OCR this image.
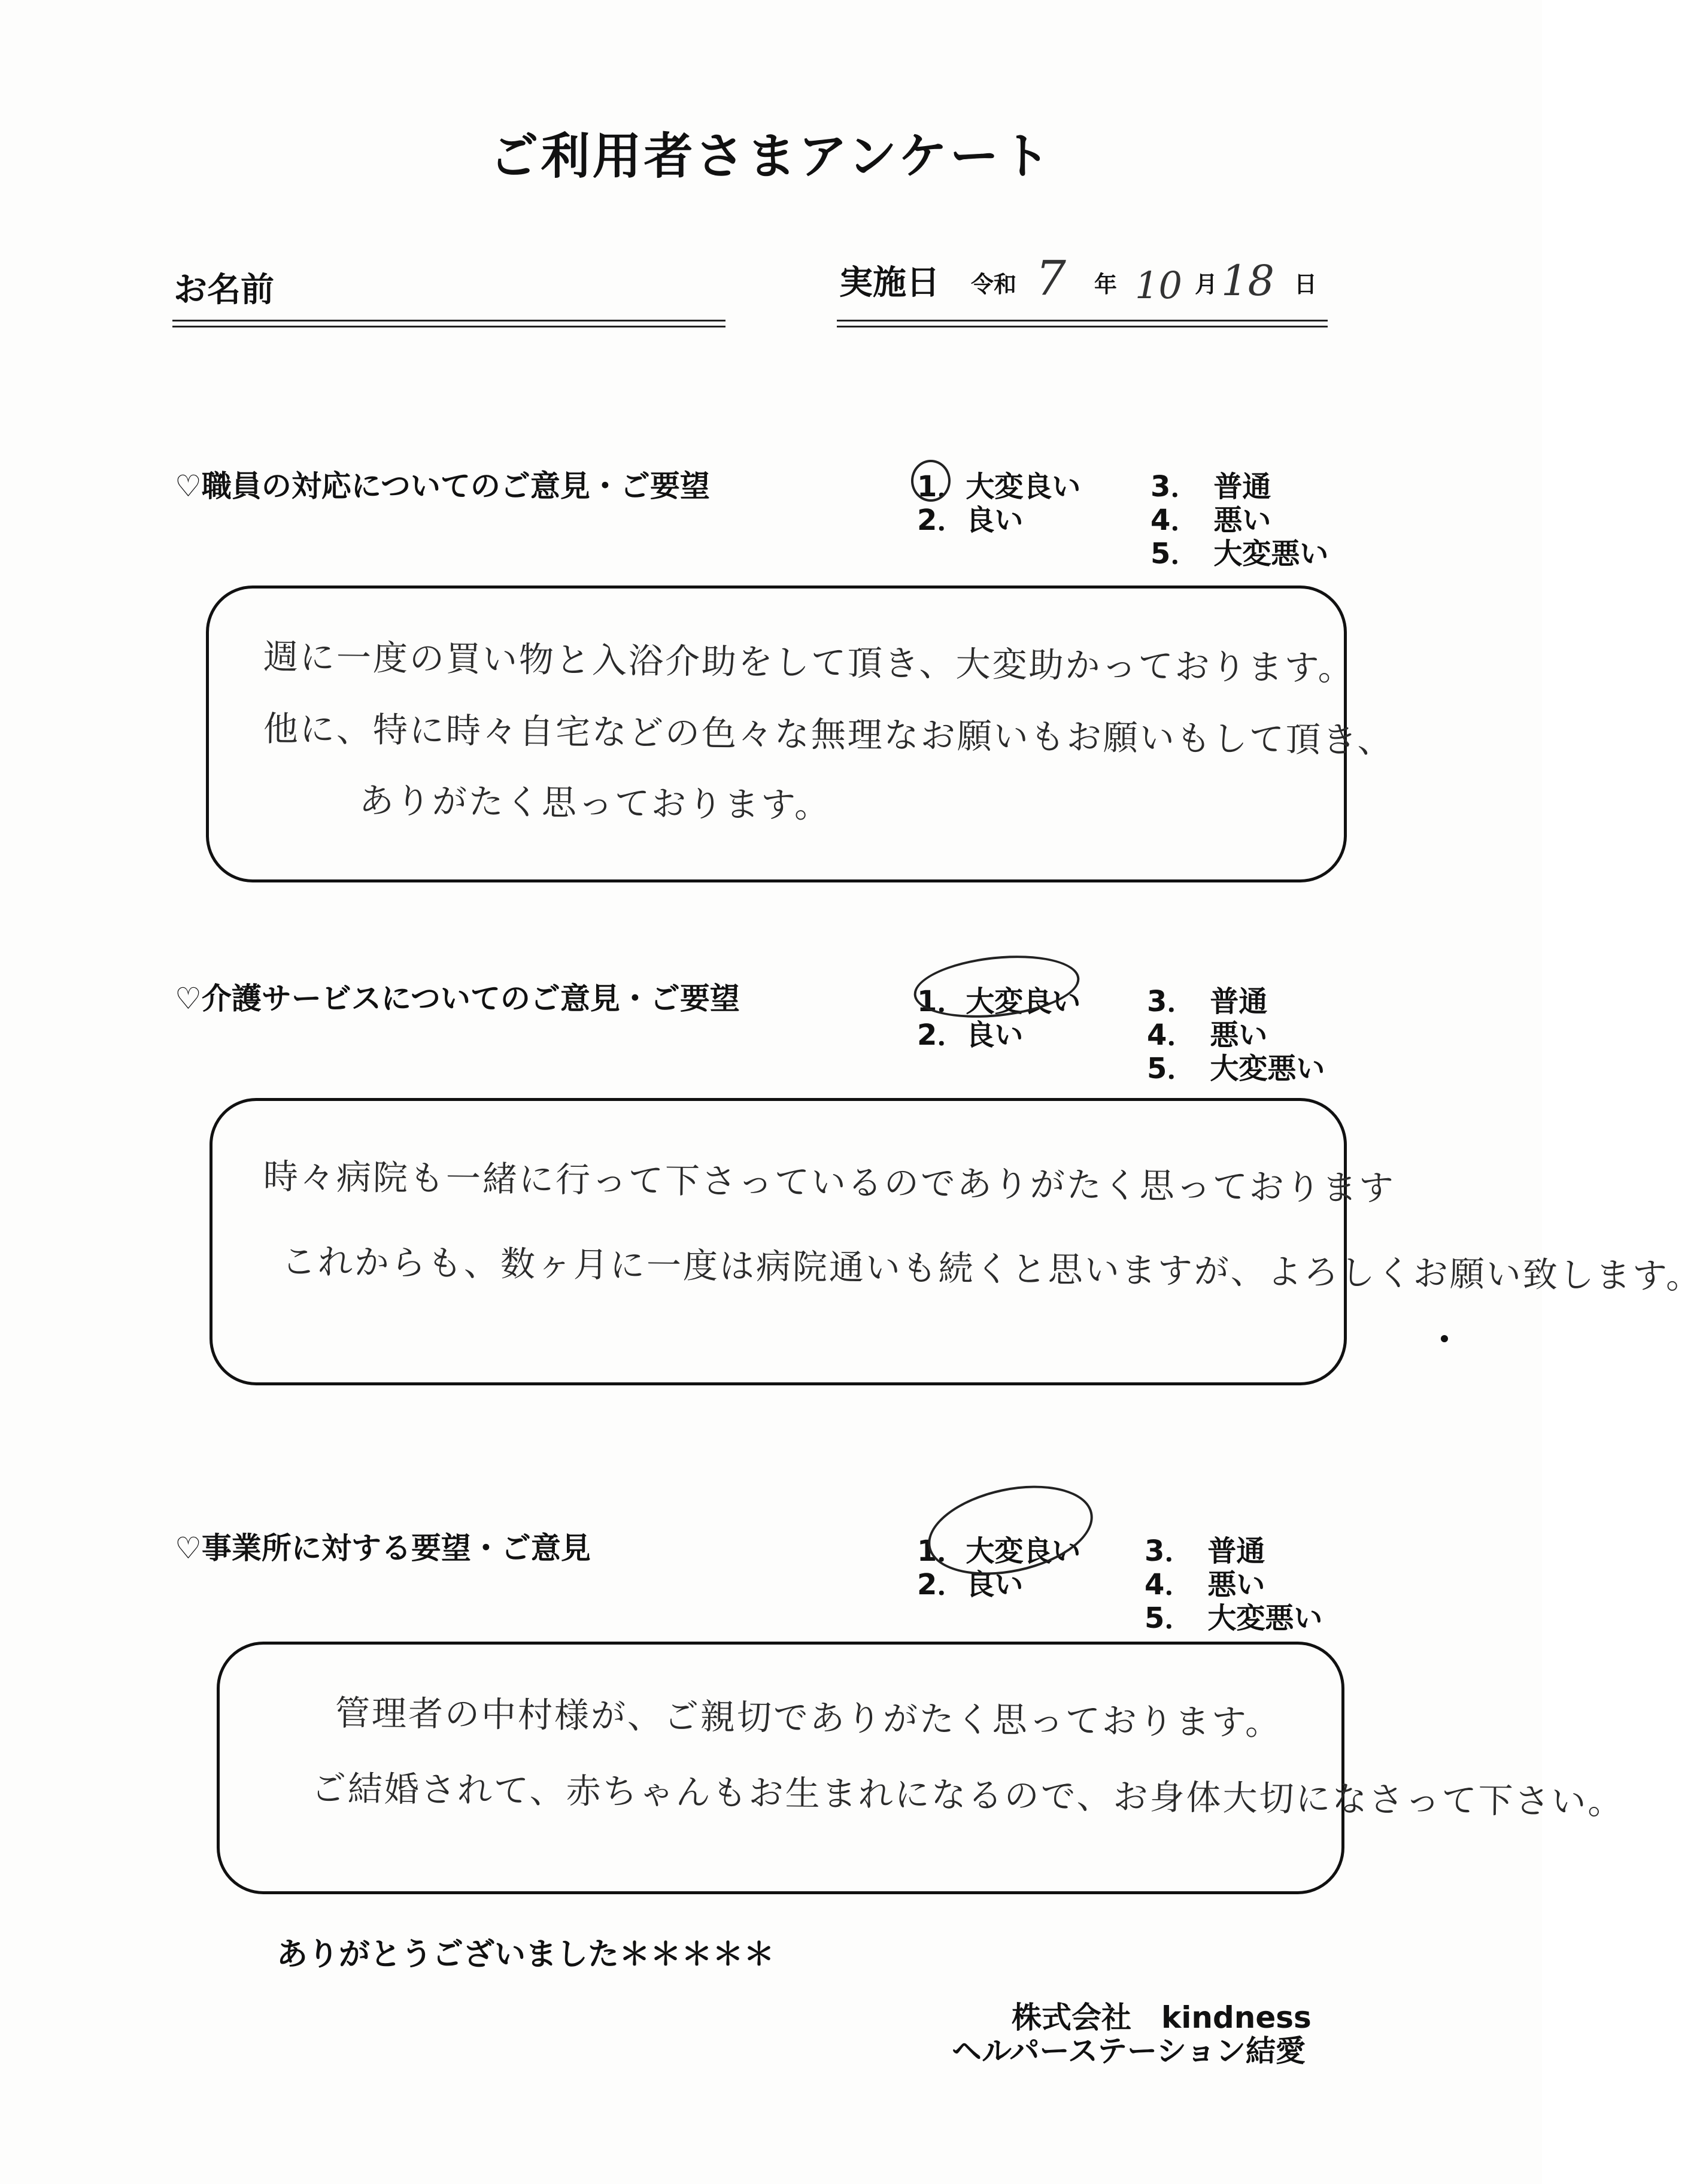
ご利用者さまアンケート
お名前	実施日 令和 7 年 10 月 18 日
♡職員の対応についてのご意見・ご要望	1．大変良い
2．良い
3．　普通
4．　悪い
5．　大変悪い
週に一度の買い物と入浴介助をして頂き、大変助かっております。
他に、特に時々自宅などの色々な無理なお願いもお願いもして頂き、
ありがたく思っております。
♡介護サービスについてのご意見・ご要望	1．大変良い
2．良い
3．　普通
4．　悪い
5．　大変悪い
時々病院も一緒に行って下さっているのでありがたく思っております
これからも、数ヶ月に一度は病院通いも続くと思いますが、よろしくお願い致します。
♡事業所に対する要望・ご意見	1．大変良い
2．良い
3．　普通
4．　悪い
5．　大変悪い
管理者の中村様が、ご親切でありがたく思っております。
ご結婚されて、赤ちゃんもお生まれになるので、お身体大切になさって下さい。
ありがとうございました＊＊＊＊＊
株式会社　kindness
ヘルパーステーション結愛
